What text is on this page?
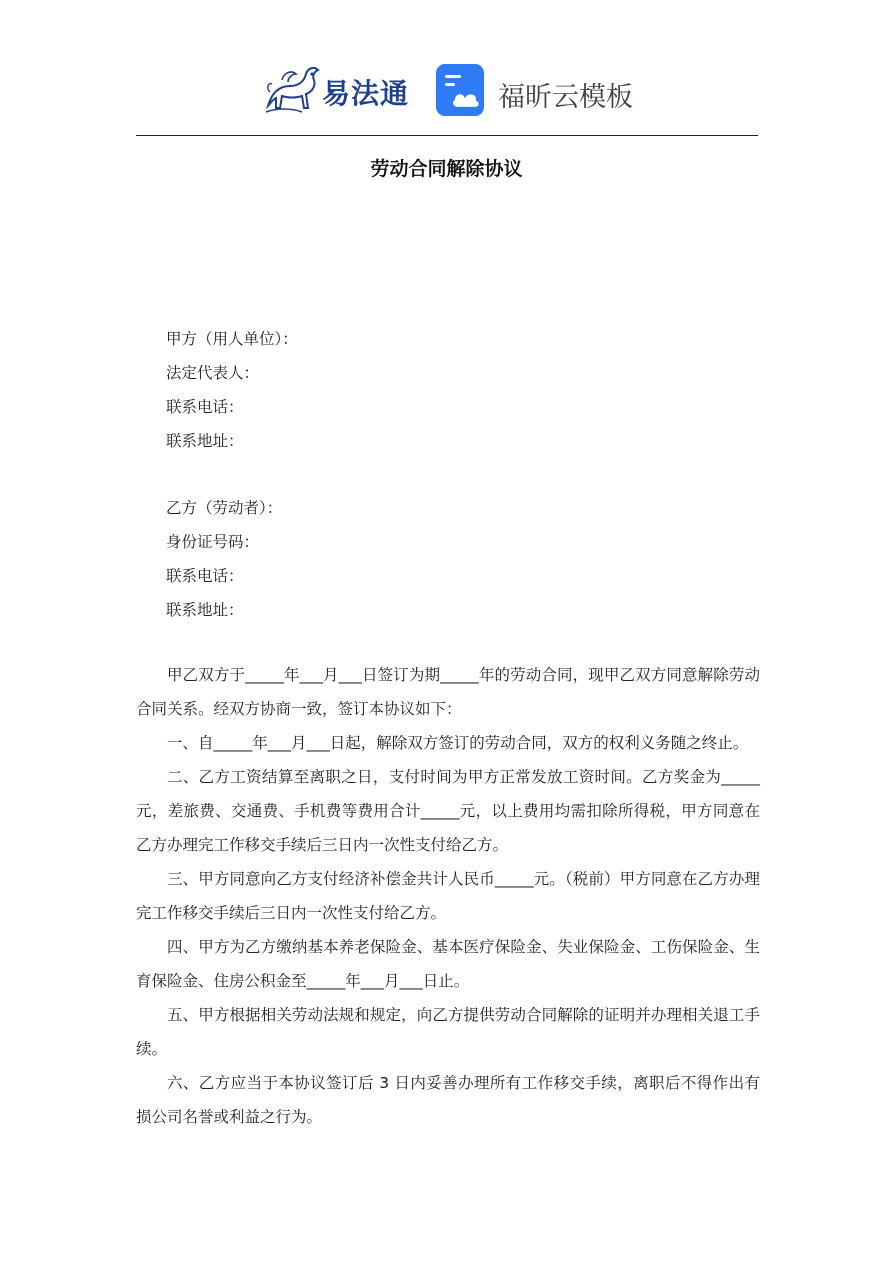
易法通	福昕云模板
劳动合同解除协议
甲方（用人单位）：
法定代表人：
联系电话：
联系地址：
乙方（劳动者）：
身份证号码：
联系电话：
联系地址：

甲乙双方于_____年___月___日签订为期_____年的劳动合同，现甲乙双方同意解除劳动合同关系。经双方协商一致，签订本协议如下：

一、自_____年___月___日起，解除双方签订的劳动合同，双方的权利义务随之终止。

二、乙方工资结算至离职之日，支付时间为甲方正常发放工资时间。乙方奖金为_____元，差旅费、交通费、手机费等费用合计_____元，以上费用均需扣除所得税，甲方同意在乙方办理完工作移交手续后三日内一次性支付给乙方。

三、甲方同意向乙方支付经济补偿金共计人民币_____元。（税前）甲方同意在乙方办理完工作移交手续后三日内一次性支付给乙方。

四、甲方为乙方缴纳基本养老保险金、基本医疗保险金、失业保险金、工伤保险金、生育保险金、住房公积金至_____年___月___日止。

五、甲方根据相关劳动法规和规定，向乙方提供劳动合同解除的证明并办理相关退工手续。

六、乙方应当于本协议签订后 3 日内妥善办理所有工作移交手续，离职后不得作出有损公司名誉或利益之行为。
